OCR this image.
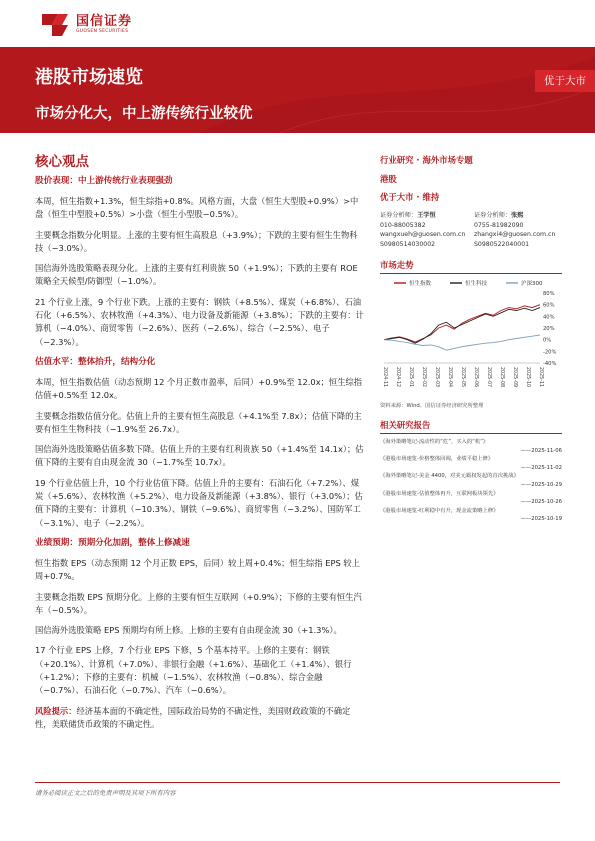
国信证券
GUOSEN SECURITIES
港股市场速览
市场分化大，中上游传统行业较优
优于大市
核心观点
股价表现：中上游传统行业表现强劲

本周，恒生指数+1.3%，恒生综指+0.8%。风格方面，大盘（恒生大型股+0.9%）>中盘（恒生中型股+0.5%）>小盘（恒生小型股−0.5%）。

主要概念指数分化明显。上涨的主要有恒生高股息（+3.9%）；下跌的主要有恒生生物科技（−3.0%）。

国信海外选股策略表现分化。上涨的主要有红利贵族 50（+1.9%）；下跌的主要有 ROE 策略全天候型/防御型（−1.0%）。

21 个行业上涨，9 个行业下跌。上涨的主要有：钢铁（+8.5%）、煤炭（+6.8%）、石油石化（+6.5%）、农林牧渔（+4.3%）、电力设备及新能源（+3.8%）；下跌的主要有：计算机（−4.0%）、商贸零售（−2.6%）、医药（−2.6%）、综合（−2.5%）、电子（−2.3%）。

估值水平：整体抬升，结构分化

本周，恒生指数估值（动态预期 12 个月正数市盈率，后同）+0.9%至 12.0x；恒生综指估值+0.5%至 12.0x。

主要概念指数估值分化。估值上升的主要有恒生高股息（+4.1%至 7.8x）；估值下降的主要有恒生生物科技（−1.9%至 26.7x）。

国信海外选股策略估值多数下降。估值上升的主要有红利贵族 50（+1.4%至 14.1x）；估值下降的主要有自由现金流 30（−1.7%至 10.7x）。

19 个行业估值上升，10 个行业估值下降。估值上升的主要有：石油石化（+7.2%）、煤炭（+5.6%）、农林牧渔（+5.2%）、电力设备及新能源（+3.8%）、银行（+3.0%）；估值下降的主要有：计算机（−10.3%）、钢铁（−9.6%）、商贸零售（−3.2%）、国防军工（−3.1%）、电子（−2.2%）。

业绩预期：预期分化加剧，整体上修减速

恒生指数 EPS（动态预期 12 个月正数 EPS，后同）较上周+0.4%；恒生综指 EPS 较上周+0.7%。

主要概念指数 EPS 预期分化。上修的主要有恒生互联网（+0.9%）；下修的主要有恒生汽车（−0.5%）。

国信海外选股策略 EPS 预期均有所上修。上修的主要有自由现金流 30（+1.3%）。

17 个行业 EPS 上修，7 个行业 EPS 下修，5 个基本持平。上修的主要有：钢铁（+20.1%）、计算机（+7.0%）、非银行金融（+1.6%）、基础化工（+1.4%）、银行（+1.2%）；下修的主要有：机械（−1.5%）、农林牧渔（−0.8%）、综合金融（−0.7%）、石油石化（−0.7%）、汽车（−0.6%）。

风险提示：经济基本面的不确定性，国际政治局势的不确定性，美国财政政策的不确定性，美联储货币政策的不确定性。
行业研究 · 海外市场专题
港股
优于大市 · 维持
证券分析师：王学恒
010-88005382
wangxueh@guosen.com.cn
S0980514030002
证券分析师：张熙
0755-81982090
zhangxi4@guosen.com.cn
S0980522040001
市场走势
恒生指数	恒生科技	沪深300
80%
60%
40%
20%
0%
-20%
-40%
2024-11 2024-12 2025-01 2025-02 2025-03 2025-04 2025-05 2025-06 2025-07 2025-08 2025-09 2025-10 2025-11
资料来源：Wind、国信证券经济研究所整理
相关研究报告
《海外策略笔记-流动性的“危”，买入的“机”》
——2025-11-06
《港股市场速览-价格整体回调，业绩平稳上修》
——2025-11-02
《海外策略笔记-美金 4400，对美元霸权发起的首次挑战》
——2025-10-29
《港股市场速览-估值整体再升，互联网板块领先》
——2025-10-26
《港股市场速览-红利稳中有升，现金流策略上修》
——2025-10-19
请务必阅读正文之后的免责声明及其项下所有内容
